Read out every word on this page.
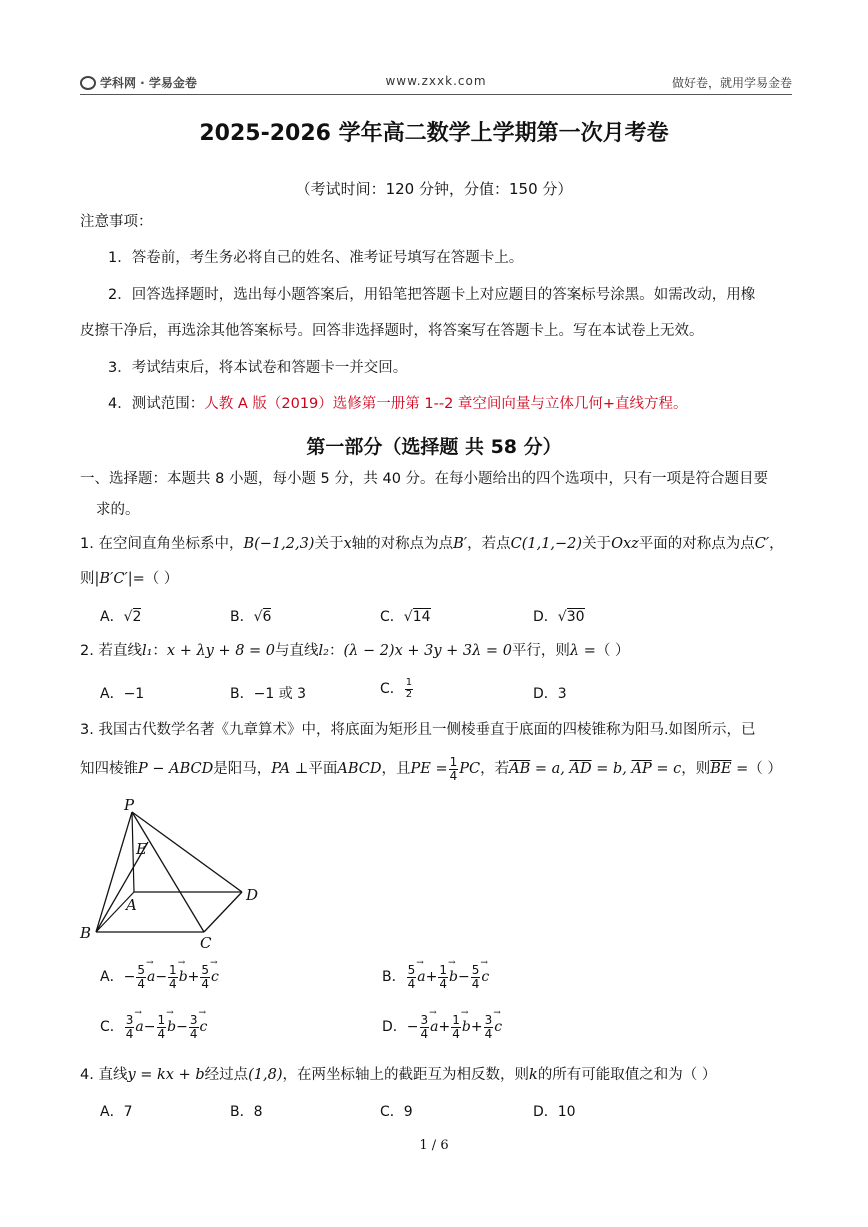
学科网 · 学易金卷	www.zxxk.com	做好卷，就用学易金卷
2025-2026 学年高二数学上学期第一次月考卷
（考试时间：120 分钟，分值：150 分）
注意事项：
1．答卷前，考生务必将自己的姓名、准考证号填写在答题卡上。
2．回答选择题时，选出每小题答案后，用铅笔把答题卡上对应题目的答案标号涂黑。如需改动，用橡
皮擦干净后，再选涂其他答案标号。回答非选择题时，将答案写在答题卡上。写在本试卷上无效。
3．考试结束后，将本试卷和答题卡一并交回。
4．测试范围：人教 A 版（2019）选修第一册第 1--2 章空间向量与立体几何+直线方程。
第一部分（选择题 共 58 分）
一、选择题：本题共 8 小题，每小题 5 分，共 40 分。在每小题给出的四个选项中，只有一项是符合题目要
求的。
1. 在空间直角坐标系中，B(−1,2,3)关于x轴的对称点为点B′，若点C(1,1,−2)关于Oxz平面的对称点为点C′，
则|B′C′|=（ ）
A．√2	B．√6	C．√14	D．√30
2. 若直线l₁：x + λy + 8 = 0与直线l₂：(λ − 2)x + 3y + 3λ = 0平行，则λ =（ ）
A．−1	B．−1 或 3	C． $\frac{1}{2}$	D．3
3. 我国古代数学名著《九章算术》中，将底面为矩形且一侧棱垂直于底面的四棱锥称为阳马.如图所示，已
知四棱锥P − ABCD是阳马，PA ⊥平面ABCD，且PE = $\frac{1}{4}$ PC，若$\overline{AB} = a$, $\overline{AD} = b$, $\overline{AP} = c$，则$\overline{BE}$ =（ ）
P
E
A
B
C
D
A．− $\frac{5}{4} \to a- \frac{1}{4} \to b+ \frac{5}{4} \to c$	B． $\frac{5}{4} \to a+ \frac{1}{4} \to b- \frac{5}{4} \to c$
C． $\frac{3}{4} \to a- \frac{1}{4} \to b- \frac{3}{4} \to c$	D．− $\frac{3}{4} \to a+ \frac{1}{4} \to b+ \frac{3}{4} \to c$
4. 直线y = kx + b经过点(1,8)，在两坐标轴上的截距互为相反数，则k的所有可能取值之和为（ ）
A．7	B．8	C．9	D．10
1 / 6
